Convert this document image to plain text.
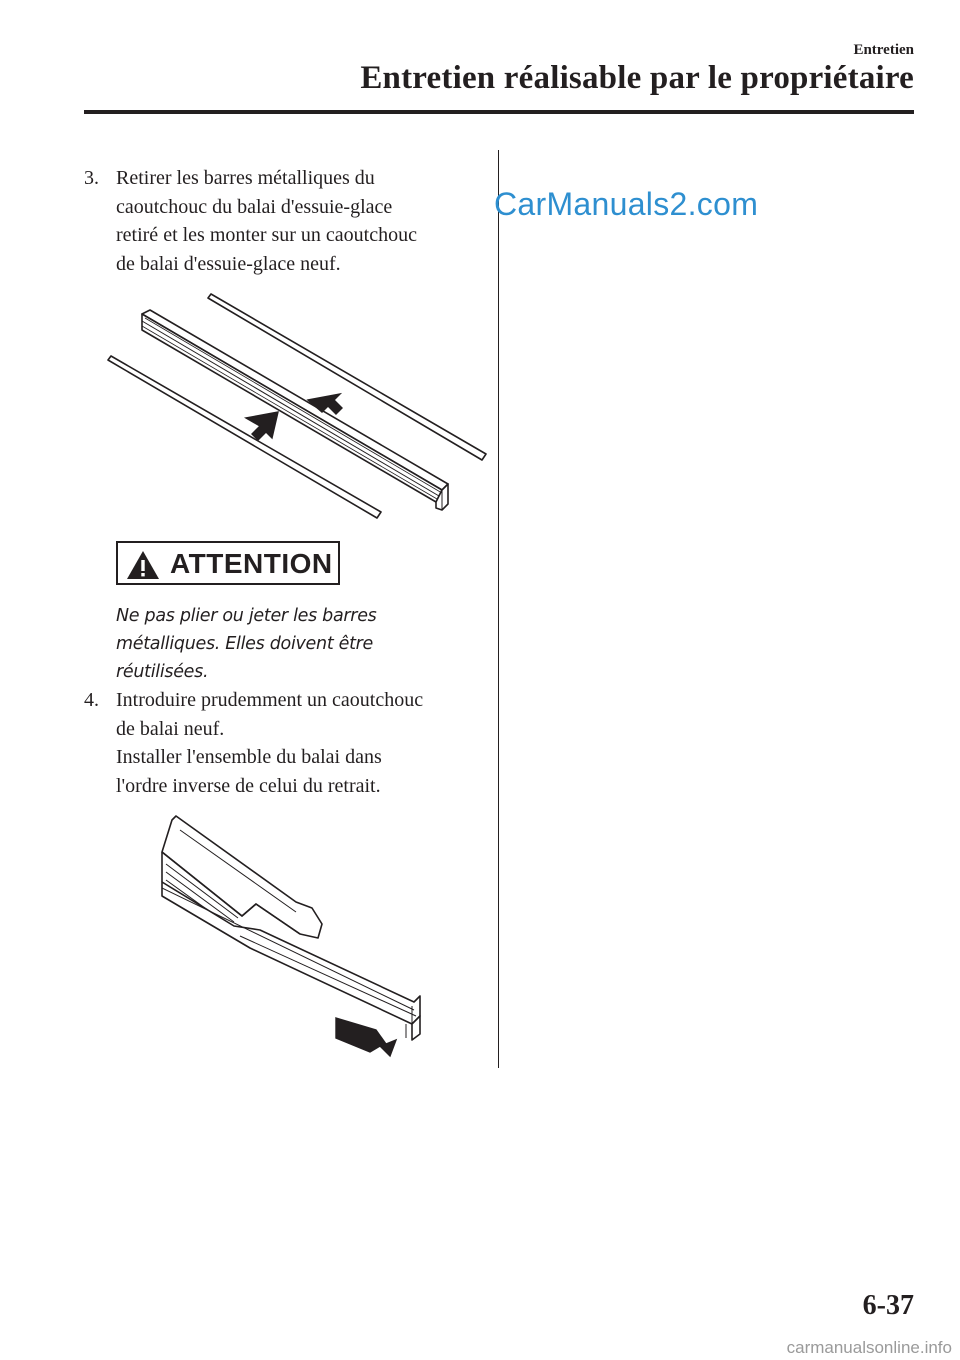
Entretien
Entretien réalisable par le propriétaire
CarManuals2.com
3. Retirer les barres métalliques du
caoutchouc du balai d'essuie-glace
retiré et les monter sur un caoutchouc
de balai d'essuie-glace neuf.
ATTENTION
Ne pas plier ou jeter les barres
métalliques. Elles doivent être
réutilisées.
4. Introduire prudemment un caoutchouc
de balai neuf.
Installer l'ensemble du balai dans
l'ordre inverse de celui du retrait.
6-37
carmanualsonline.info
